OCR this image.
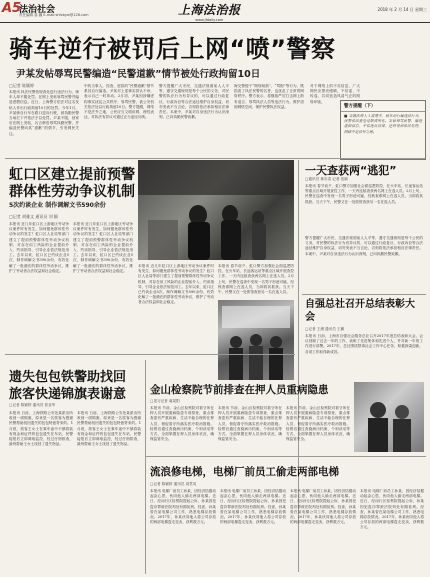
A5
法治社会
责任编辑 慕 巍 E-mail:shfzbyw@126.com	上海法治报
www.jfdaily.com
2018 年 2 月 14 日 星期三
骑车逆行被罚后上网“喷”警察
尹某发帖辱骂民警编造“民警道歉”情节被处行政拘留10日
□记者 陈颖婷
本报讯 执法民警依规查处逆行违法行为，骑车人却不服处罚，在网上发帖辱骂民警并编造虚假信息。近日，上海警方依法对这名发帖人作出行政拘留10日的处罚。今年1月，尹某骑自行车在路口逆向行驶，被执勤民警当场拦下并依法予以处罚。尹某不服，回家后在网上发帖，污言秽语辱骂执勤民警，并编造民警向其“道歉”的情节，引发网民关注。
中的当事人，经查，虚拟的“民警道歉”情节系其自行编造。尹某对上述事实供认不讳，表示自己一时冲动。2月初，尹某因涉嫌虚构事实扰乱公共秩序、辱骂民警，被公安机关依法处以行政拘留10日。警方提醒，网络不是法外之地，公民应当文明用网、理性表达，对执法有异议可通过正当途径反映。
警方提醒广大市民，交通法规面前人人平等，遵守交通规则是每个公民的义务，对民警的执法行为有异议的，可以通过行政复议、行政诉讼等合法途径维护自身权益，切勿发表不当言论，否则将依法承担相应法律责任。本案中，尹某对自身违法行为认识深刻，已向执勤民警致歉。
海交警便于“网络暗箭”，“骂街”等行为，既损害了执法民警的名誉，也扰乱了正常的网络秩序。警方表示，将继续严厉打击网上散布谣言、辱骂执法人员等违法行为，维护清朗网络空间，保护民警执法权益。
对于网络上的不实信息，广大网民应擦亮眼睛，不信谣、不传谣，共同营造风清气正的网络环境。
警方提醒（下）
■ 交通法规人人需遵守，骑车逆行属违法行为，民警依法查处是职责所在。发帖辱骂民警、编造虚假信息，不仅违反法律，还将受到依法处理，网络不是法外之地。
虹口区建立提前预警
群体性劳动争议机制
5次约谈企业 制作调解文书590余份
□记者 胡雅文 通讯员 刘 颖
本报讯 近几年虹口区上游地区劳动争议案件时有发生，如何避免群体性劳动争议的发生？虹口区人社局等部门建立了提前预警群体性劳动争议机制，对存在用工风险的企业提前介入、约谈指导，引导企业依法规范用工。去年以来，虹口区已约谈企业5次，制作调解文书590余份，有效化解了一批潜在的群体性劳动争议，维护了劳动者合法权益和社会稳定。
本报讯 近几年虹口区上游地区劳动争议案件时有发生，如何避免群体性劳动争议的发生？虹口区人社局等部门建立了提前预警群体性劳动争议机制，对存在用工风险的企业提前介入、约谈指导，引导企业依法规范用工。去年以来，虹口区已约谈企业5次，制作调解文书590余份，有效化解了一批潜在的群体性劳动争议，维护了劳动者合法权益和社会稳定。
本报讯 近几年虹口区上游地区劳动争议案件时有发生，如何避免群体性劳动争议的发生？虹口区人社局等部门建立了提前预警群体性劳动争议机制，对存在用工风险的企业提前介入、约谈指导，引导企业依法规范用工。去年以来，虹口区已约谈企业5次，制作调解文书590余份，有效化解了一批潜在的群体性劳动争议，维护了劳动者合法权益和社会稳定。
本报讯 春节前夕，虹口警方加强社会面巡逻防控，在火车站、长途客运站等重点区域开展查控工作，一天内连续查获两名网上在逃人员。2月上旬，民警在巡查中发现一名男子形迹可疑，经核查系网上在逃人员，当即将其抓获。当天下午，民警又在一处旅馆查获另一名在逃人员。
一天查获两“逃犯”
□通讯员 林宗清 记者 范颖
本报讯 春节前夕，虹口警方加强社会面巡逻防控，在火车站、长途客运站等重点区域开展查控工作，一天内连续查获两名网上在逃人员。2月上旬，民警在巡查中发现一名男子形迹可疑，经核查系网上在逃人员，当即将其抓获。当天下午，民警又在一处旅馆查获另一名在逃人员。
警方提醒广大市民，交通法规面前人人平等，遵守交通规则是每个公民的义务，对民警的执法行为有异议的，可以通过行政复议、行政诉讼等合法途径维护自身权益，切勿发表不当言论，否则将依法承担相应法律责任。本案中，尹某对自身违法行为认识深刻，已向执勤民警致歉。
自强总社召开总结表彰大会
□记者 王湧 通讯员 王鹏
本报讯 日前，上海市自强社会服务总社召开2017年度总结表彰大会。会议回顾了过去一年的工作，表彰了先进集体和先进个人，并对新一年的工作进行部署。2017年，总社围绕禁毒社会工作中心任务，积极探索创新，各项工作取得新成效。
遗失包包铁警助找回
旅客快递锦旗表谢意
□记者 陈颖婷 通讯员 张亚军
本报讯 日前，上海铁路公安处某派出所收到一面锦旗，原来是一名旅客为感谢民警帮助找回遗失的包包特意寄来的。1月底，旅客王女士在乘车途中不慎将装有现金和证件的包包遗失在车站，民警接报后立即调取监控，经过仔细排查，最终帮助王女士找回了遗失物品。
本报讯 日前，上海铁路公安处某派出所收到一面锦旗，原来是一名旅客为感谢民警帮助找回遗失的包包特意寄来的。1月底，旅客王女士在乘车途中不慎将装有现金和证件的包包遗失在车站，民警接报后立即调取监控，经过仔细排查，最终帮助王女士找回了遗失物品。
金山检察院节前排查在押人员重病隐患
□见习记者 虞杲阳
本报讯 节前，金山区检察院对看守所在押人员开展重病隐患专项排查，重点排查患有严重疾病、生活不能自理的在押人员，督促看守所落实医疗救治措施。检察官通过查阅病历档案、个别谈话等方式，全面掌握在押人员身体状况，确保监管安全。
本报讯 节前，金山区检察院对看守所在押人员开展重病隐患专项排查，重点排查患有严重疾病、生活不能自理的在押人员，督促看守所落实医疗救治措施。检察官通过查阅病历档案、个别谈话等方式，全面掌握在押人员身体状况，确保监管安全。
本报讯 节前，金山区检察院对看守所在押人员开展重病隐患专项排查，重点排查患有严重疾病、生活不能自理的在押人员，督促看守所落实医疗救治措施。检察官通过查阅病历档案、个别谈话等方式，全面掌握在押人员身体状况，确保监管安全。
流浪修电梯，电梯厂前员工偷走两部电梯
□记者 陈颖婷 通讯员 周君英
本报讯 电梯厂前员工孙某，因经济拮据动起歪心思，伙同他人偷走两部电梯。近日，经闵行区检察院提起公诉，孙某因犯盗窃罪被法院判处有期徒刑。经查，孙某曾在某电梯公司工作，熟悉电梯存放情况。2017年，孙某伙同他人将公司存放的两部电梯盗走变卖，获利数万元。
本报讯 电梯厂前员工孙某，因经济拮据动起歪心思，伙同他人偷走两部电梯。近日，经闵行区检察院提起公诉，孙某因犯盗窃罪被法院判处有期徒刑。经查，孙某曾在某电梯公司工作，熟悉电梯存放情况。2017年，孙某伙同他人将公司存放的两部电梯盗走变卖，获利数万元。
本报讯 电梯厂前员工孙某，因经济拮据动起歪心思，伙同他人偷走两部电梯。近日，经闵行区检察院提起公诉，孙某因犯盗窃罪被法院判处有期徒刑。经查，孙某曾在某电梯公司工作，熟悉电梯存放情况。2017年，孙某伙同他人将公司存放的两部电梯盗走变卖，获利数万元。
本报讯 电梯厂前员工孙某，因经济拮据动起歪心思，伙同他人偷走两部电梯。近日，经闵行区检察院提起公诉，孙某因犯盗窃罪被法院判处有期徒刑。经查，孙某曾在某电梯公司工作，熟悉电梯存放情况。2017年，孙某伙同他人将公司存放的两部电梯盗走变卖，获利数万元。
